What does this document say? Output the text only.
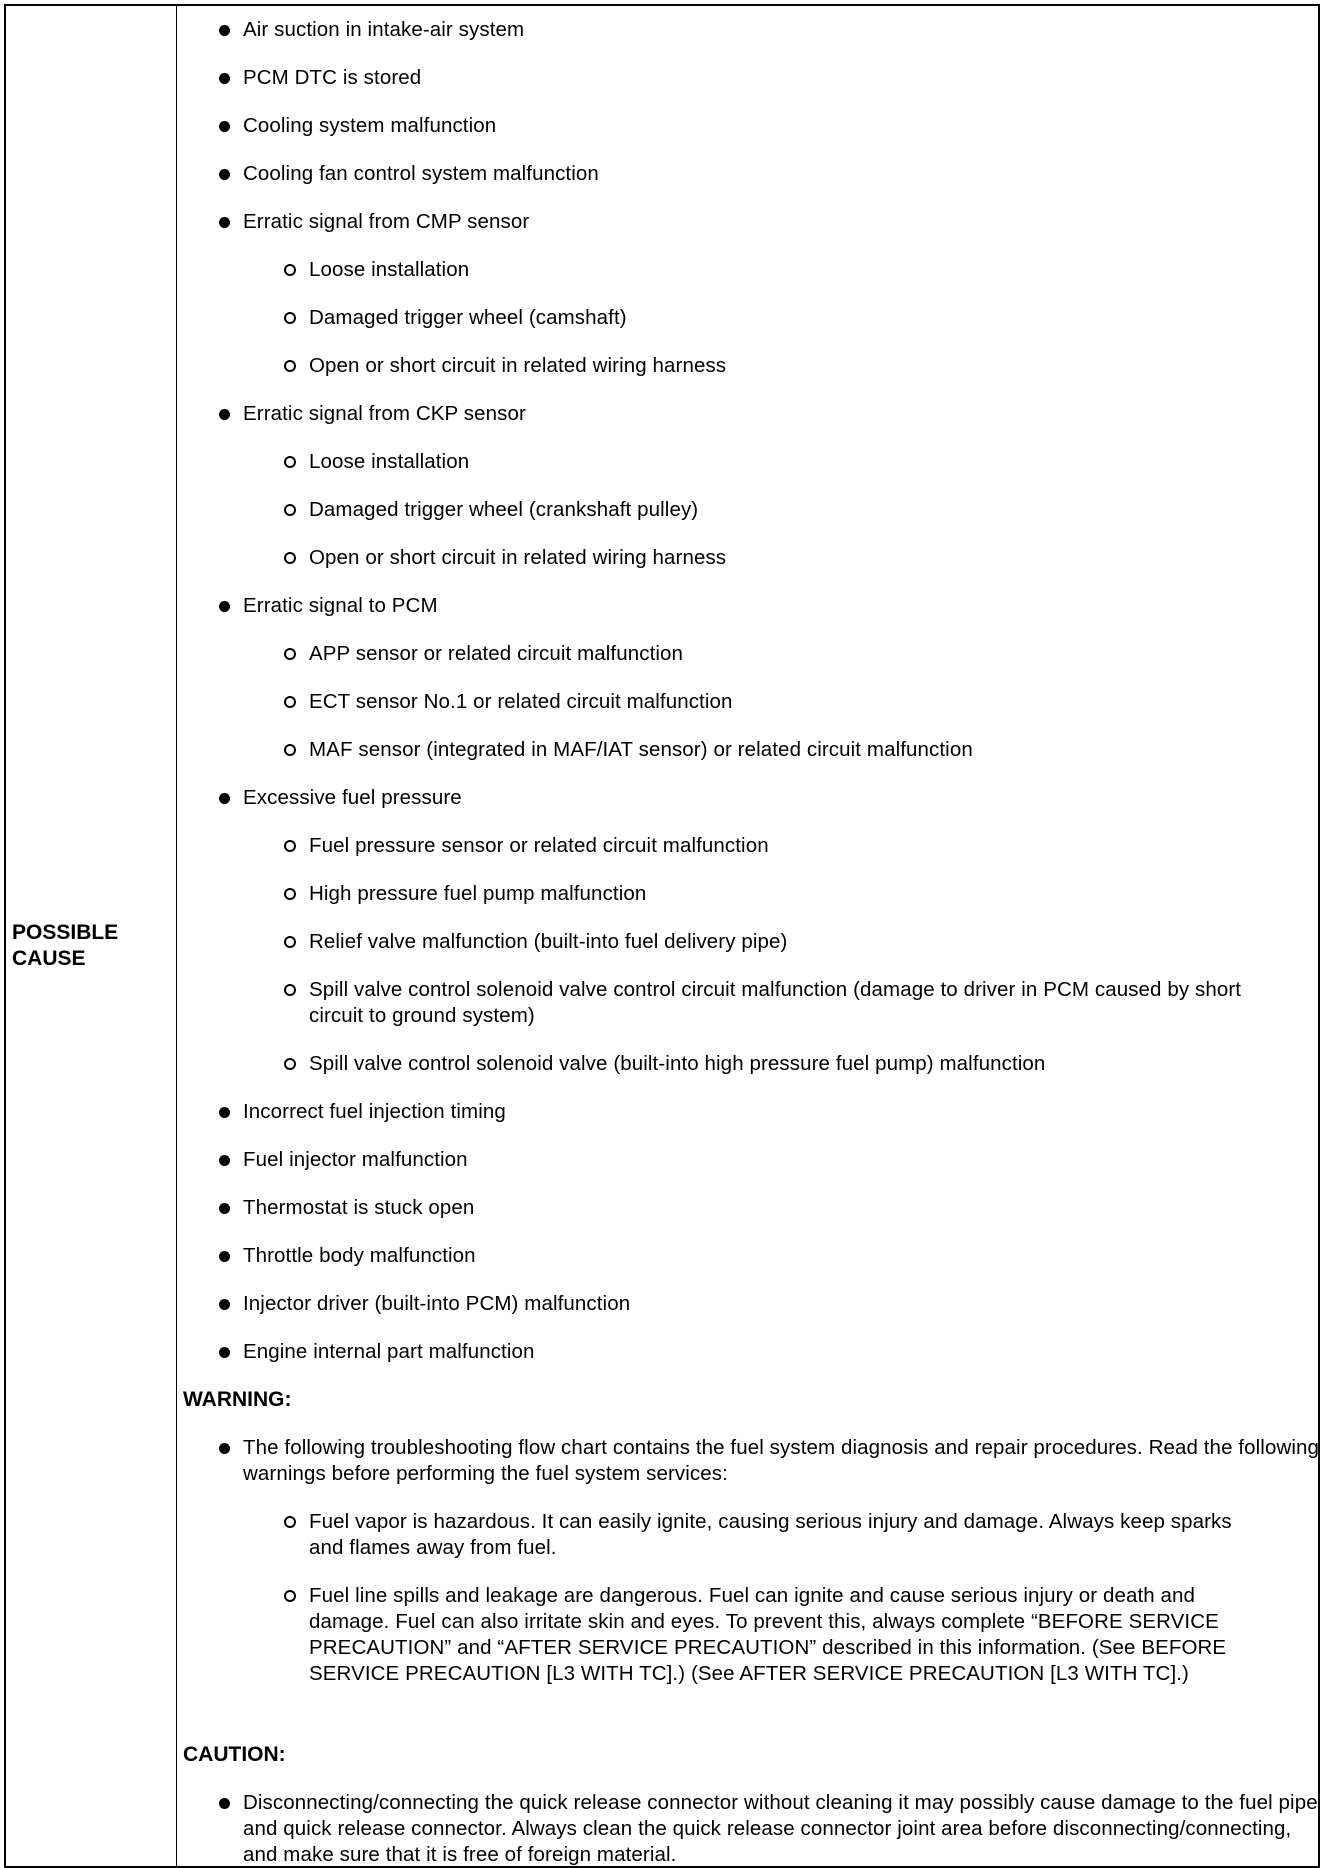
POSSIBLE
CAUSE
Air suction in intake-air system
PCM DTC is stored
Cooling system malfunction
Cooling fan control system malfunction
Erratic signal from CMP sensor
Loose installation
Damaged trigger wheel (camshaft)
Open or short circuit in related wiring harness
Erratic signal from CKP sensor
Loose installation
Damaged trigger wheel (crankshaft pulley)
Open or short circuit in related wiring harness
Erratic signal to PCM
APP sensor or related circuit malfunction
ECT sensor No.1 or related circuit malfunction
MAF sensor (integrated in MAF/IAT sensor) or related circuit malfunction
Excessive fuel pressure
Fuel pressure sensor or related circuit malfunction
High pressure fuel pump malfunction
Relief valve malfunction (built-into fuel delivery pipe)
Spill valve control solenoid valve control circuit malfunction (damage to driver in PCM caused by short circuit to ground system)
Spill valve control solenoid valve (built-into high pressure fuel pump) malfunction
Incorrect fuel injection timing
Fuel injector malfunction
Thermostat is stuck open
Throttle body malfunction
Injector driver (built-into PCM) malfunction
Engine internal part malfunction
WARNING:
The following troubleshooting flow chart contains the fuel system diagnosis and repair procedures. Read the following warnings before performing the fuel system services:
Fuel vapor is hazardous. It can easily ignite, causing serious injury and damage. Always keep sparks and flames away from fuel.
Fuel line spills and leakage are dangerous. Fuel can ignite and cause serious injury or death and damage. Fuel can also irritate skin and eyes. To prevent this, always complete “BEFORE SERVICE PRECAUTION” and “AFTER SERVICE PRECAUTION” described in this information. (See BEFORE SERVICE PRECAUTION [L3 WITH TC].) (See AFTER SERVICE PRECAUTION [L3 WITH TC].)
CAUTION:
Disconnecting/connecting the quick release connector without cleaning it may possibly cause damage to the fuel pipe and quick release connector. Always clean the quick release connector joint area before disconnecting/connecting, and make sure that it is free of foreign material.
